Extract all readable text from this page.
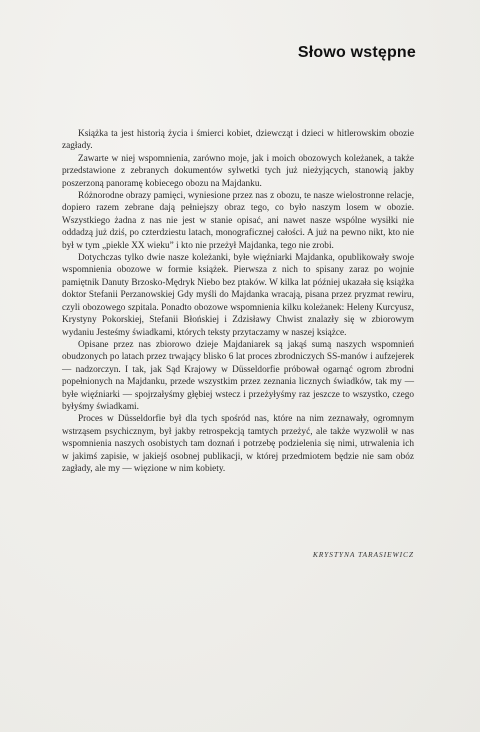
Słowo wstępne

Książka ta jest historią życia i śmierci kobiet, dziewcząt i dzieci w hitlerowskim obozie zagłady.

Zawarte w niej wspomnienia, zarówno moje, jak i moich obozowych koleżanek, a także przedstawione z zebranych dokumentów sylwetki tych już nieżyjących, stanowią jakby poszerzoną panoramę kobiecego obozu na Majdanku.

Różnorodne obrazy pamięci, wyniesione przez nas z obozu, te nasze wielostronne relacje, dopiero razem zebrane dają pełniejszy obraz tego, co było naszym losem w obozie. Wszystkiego żadna z nas nie jest w stanie opisać, ani nawet nasze wspólne wysiłki nie oddadzą już dziś, po czterdziestu latach, monograficznej całości. A już na pewno nikt, kto nie był w tym „piekle XX wieku” i kto nie przeżył Majdanka, tego nie zrobi.

Dotychczas tylko dwie nasze koleżanki, byłe więźniarki Majdanka, opublikowały swoje wspomnienia obozowe w formie książek. Pierwsza z nich to spisany zaraz po wojnie pamiętnik Danuty Brzosko-Mędryk Niebo bez ptaków. W kilka lat później ukazała się książka doktor Stefanii Perzanowskiej Gdy myśli do Majdanka wracają, pisana przez pryzmat rewiru, czyli obozowego szpitala. Ponadto obozowe wspomnienia kilku koleżanek: Heleny Kurcyusz, Krystyny Pokorskiej, Stefanii Błońskiej i Zdzisławy Chwist znalazły się w zbiorowym wydaniu Jesteśmy świadkami, których teksty przytaczamy w naszej książce.

Opisane przez nas zbiorowo dzieje Majdaniarek są jakąś sumą naszych wspomnień obudzonych po latach przez trwający blisko 6 lat proces zbrodniczych SS-manów i aufzejerek — nadzorczyn. I tak, jak Sąd Krajowy w Düsseldorfie próbował ogarnąć ogrom zbrodni popełnionych na Majdanku, przede wszystkim przez zeznania licznych świadków, tak my — byłe więźniarki — spojrzałyśmy głębiej wstecz i przeżyłyśmy raz jeszcze to wszystko, czego byłyśmy świadkami.

Proces w Düsseldorfie był dla tych spośród nas, które na nim zeznawały, ogromnym wstrząsem psychicznym, był jakby retrospekcją tamtych przeżyć, ale także wyzwolił w nas wspomnienia naszych osobistych tam doznań i potrzebę podzielenia się nimi, utrwalenia ich w jakimś zapisie, w jakiejś osobnej publikacji, w której przedmiotem będzie nie sam obóz zagłady, ale my — więzione w nim kobiety.

KRYSTYNA TARASIEWICZ
